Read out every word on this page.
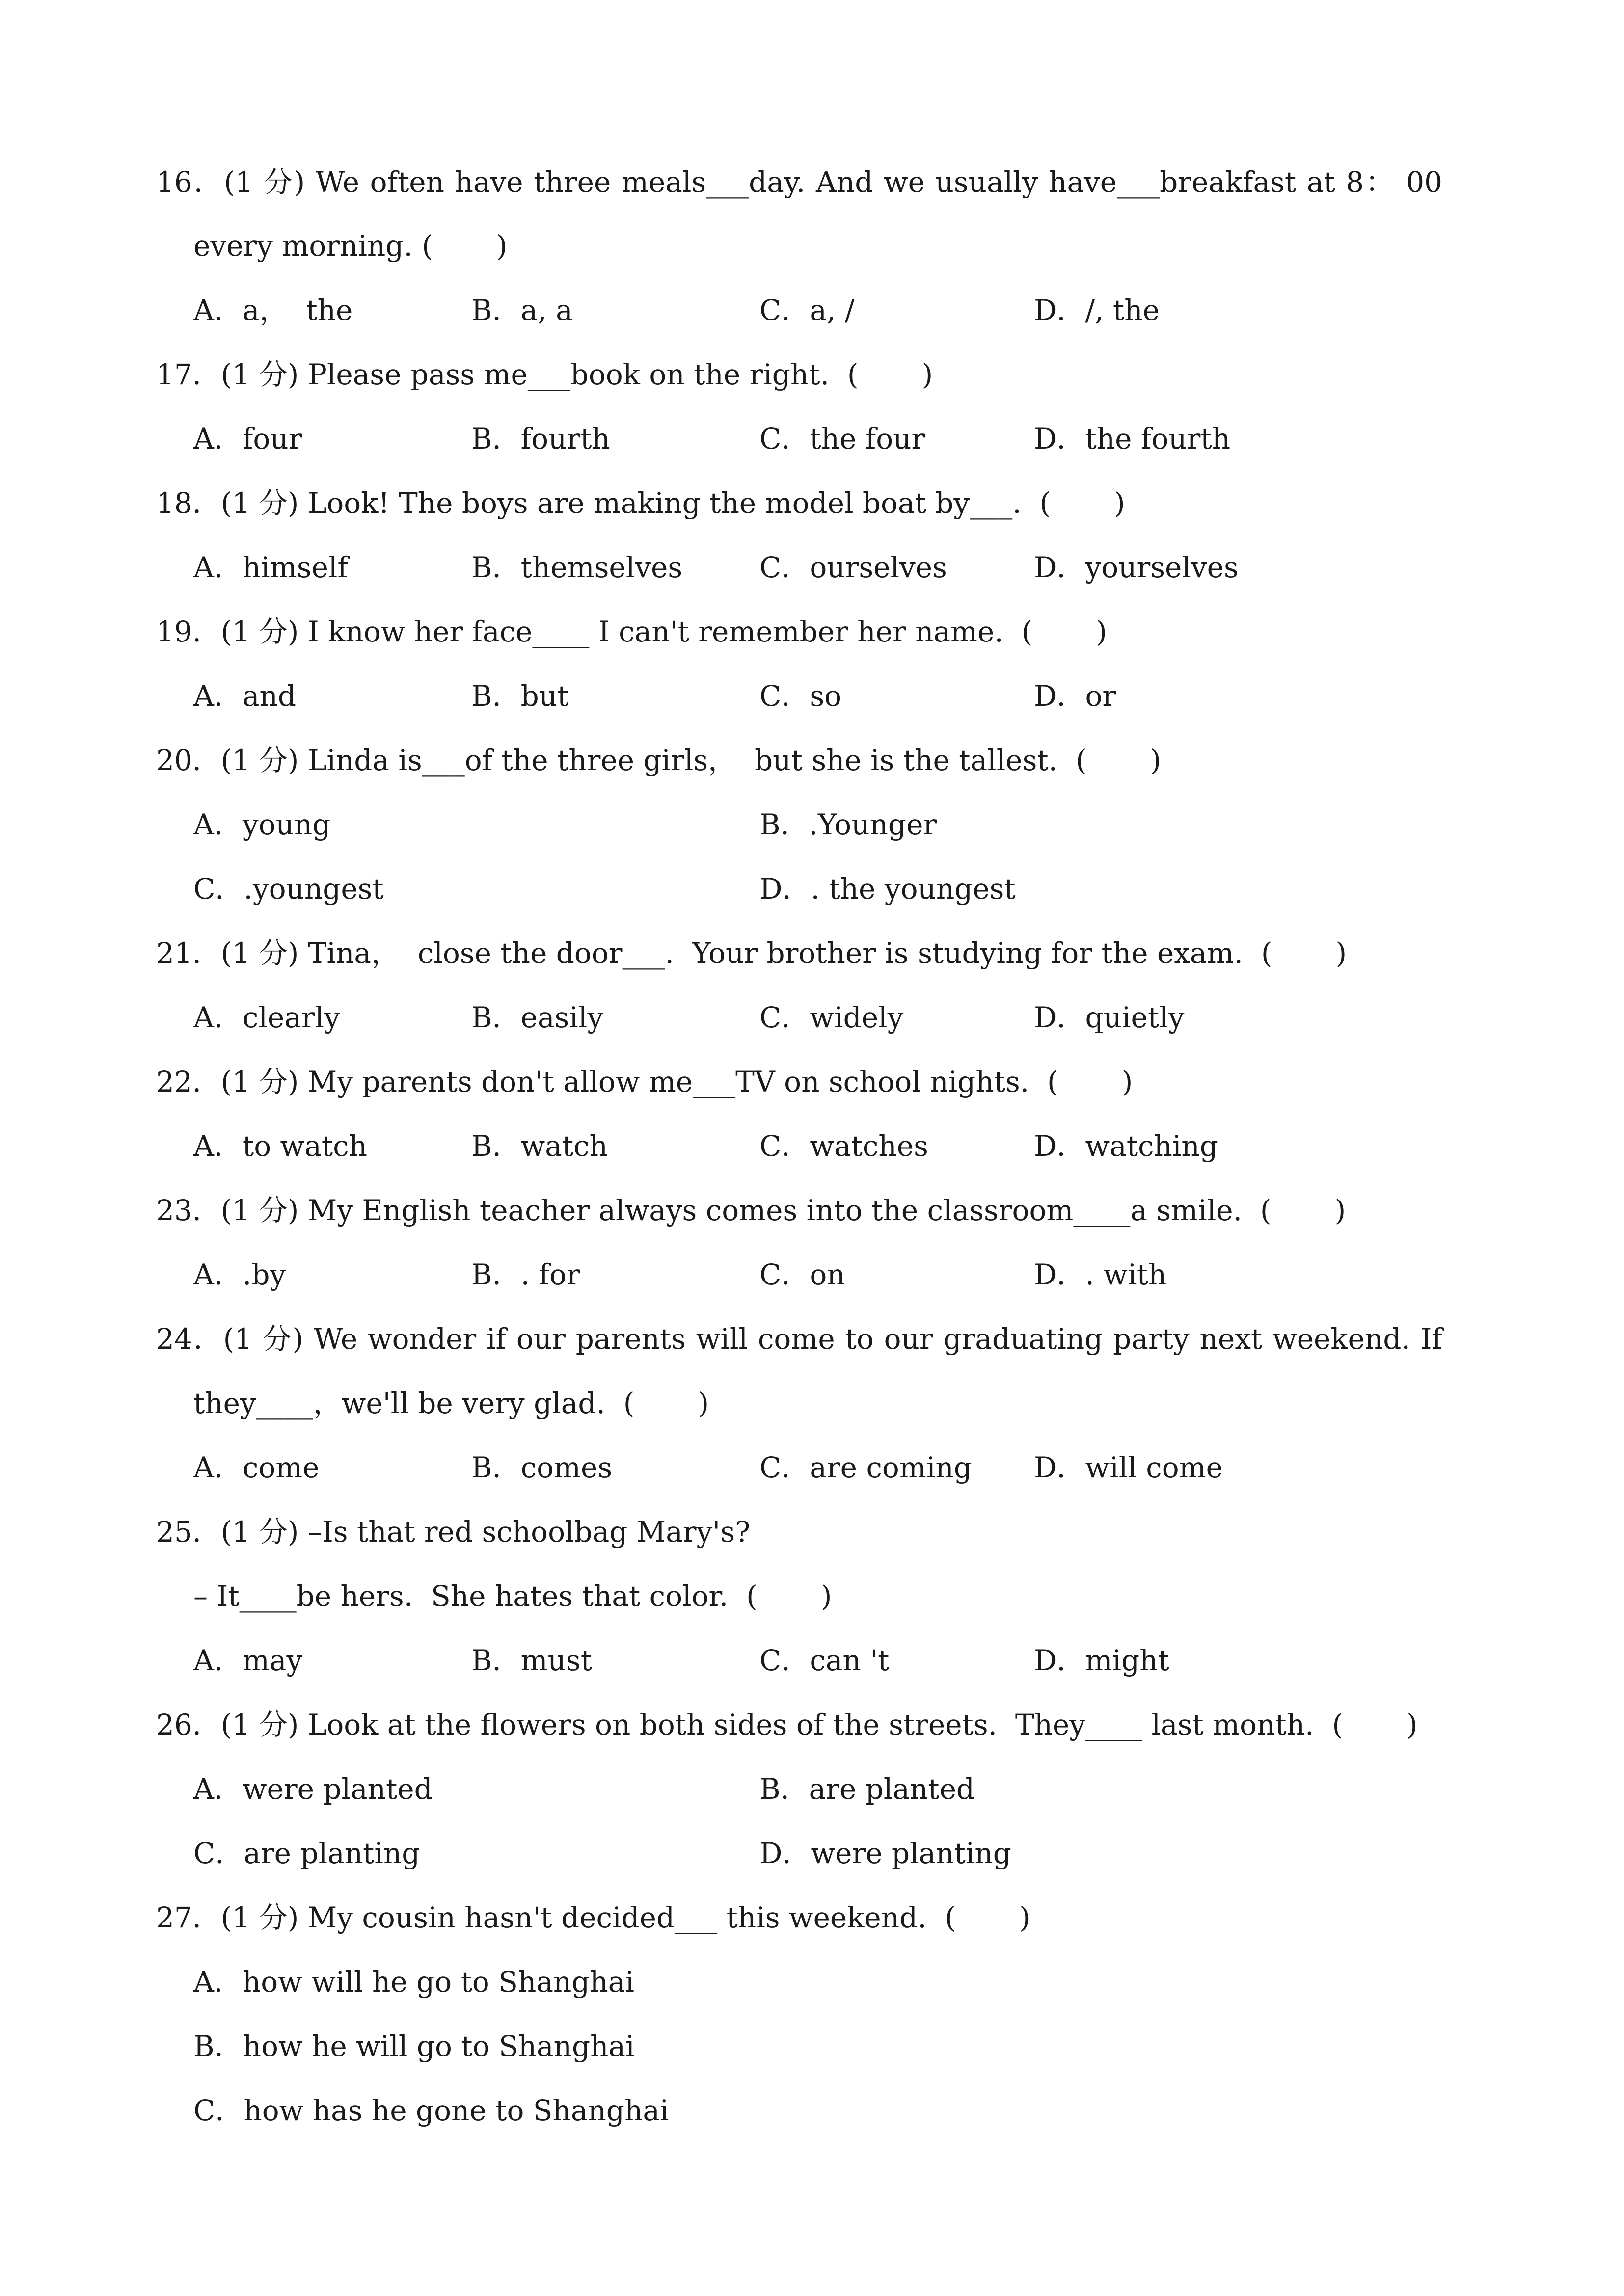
16．(1 分) We often have three meals___day. And we usually have___breakfast at 8： 00
every morning. (       )
A．a，  the	B．a, a	C．a, /	D．/, the
17．(1 分) Please pass me___book on the right.  (       )
A．four	B．fourth	C．the four	D．the fourth
18．(1 分) Look! The boys are making the model boat by___.  (       )
A．himself	B．themselves	C．ourselves	D．yourselves
19．(1 分) I know her face____ I can't remember her name.  (       )
A．and	B．but	C．so	D．or
20．(1 分) Linda is___of the three girls，  but she is the tallest.  (       )
A．young	B．.Younger
C．.youngest	D．. the youngest
21．(1 分) Tina，  close the door___.  Your brother is studying for the exam.  (       )
A．clearly	B．easily	C．widely	D．quietly
22．(1 分) My parents don't allow me___TV on school nights.  (       )
A．to watch	B．watch	C．watches	D．watching
23．(1 分) My English teacher always comes into the classroom____a smile.  (       )
A．.by	B．. for	C．on	D．. with
24．(1 分) We wonder if our parents will come to our graduating party next weekend. If
they____，we'll be very glad.  (       )
A．come	B．comes	C．are coming D．will come
25．(1 分) –Is that red schoolbag Mary's?
– It____be hers.  She hates that color.  (       )
A．may	B．must	C．can 't	D．might
26．(1 分) Look at the flowers on both sides of the streets.  They____ last month.  (       )
A．were planted	B．are planted
C．are planting	D．were planting
27．(1 分) My cousin hasn't decided___ this weekend.  (       )
A．how will he go to Shanghai
B．how he will go to Shanghai
C．how has he gone to Shanghai
